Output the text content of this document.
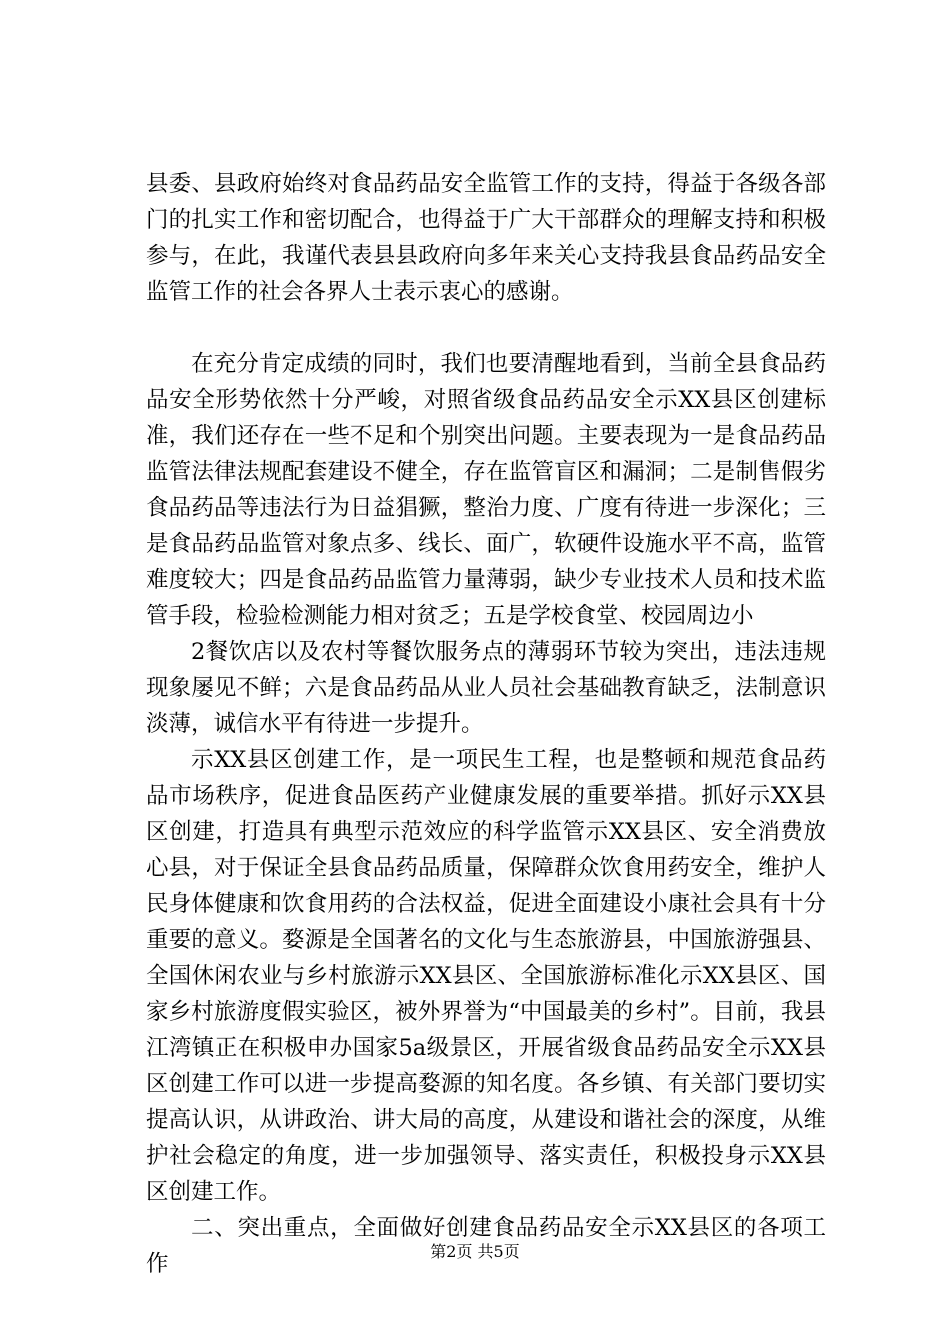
县委、县政府始终对食品药品安全监管工作的支持，得益于各级各部门的扎实工作和密切配合，也得益于广大干部群众的理解支持和积极参与，在此，我谨代表县县政府向多年来关心支持我县食品药品安全监管工作的社会各界人士表示衷心的感谢。

在充分肯定成绩的同时，我们也要清醒地看到，当前全县食品药品安全形势依然十分严峻，对照省级食品药品安全示XX县区创建标准，我们还存在一些不足和个别突出问题。主要表现为一是食品药品监管法律法规配套建设不健全，存在监管盲区和漏洞；二是制售假劣食品药品等违法行为日益猖獗，整治力度、广度有待进一步深化；三是食品药品监管对象点多、线长、面广，软硬件设施水平不高，监管难度较大；四是食品药品监管力量薄弱，缺少专业技术人员和技术监管手段，检验检测能力相对贫乏；五是学校食堂、校园周边小

2餐饮店以及农村等餐饮服务点的薄弱环节较为突出，违法违规现象屡见不鲜；六是食品药品从业人员社会基础教育缺乏，法制意识淡薄，诚信水平有待进一步提升。

示XX县区创建工作，是一项民生工程，也是整顿和规范食品药品市场秩序，促进食品医药产业健康发展的重要举措。抓好示XX县区创建，打造具有典型示范效应的科学监管示XX县区、安全消费放心县，对于保证全县食品药品质量，保障群众饮食用药安全，维护人民身体健康和饮食用药的合法权益，促进全面建设小康社会具有十分重要的意义。婺源是全国著名的文化与生态旅游县，中国旅游强县、全国休闲农业与乡村旅游示XX县区、全国旅游标准化示XX县区、国家乡村旅游度假实验区，被外界誉为“中国最美的乡村”。目前，我县江湾镇正在积极申办国家5a级景区，开展省级食品药品安全示XX县区创建工作可以进一步提高婺源的知名度。各乡镇、有关部门要切实提高认识，从讲政治、讲大局的高度，从建设和谐社会的深度，从维护社会稳定的角度，进一步加强领导、落实责任，积极投身示XX县区创建工作。

二、突出重点，全面做好创建食品药品安全示XX县区的各项工作	第2页 共5页
